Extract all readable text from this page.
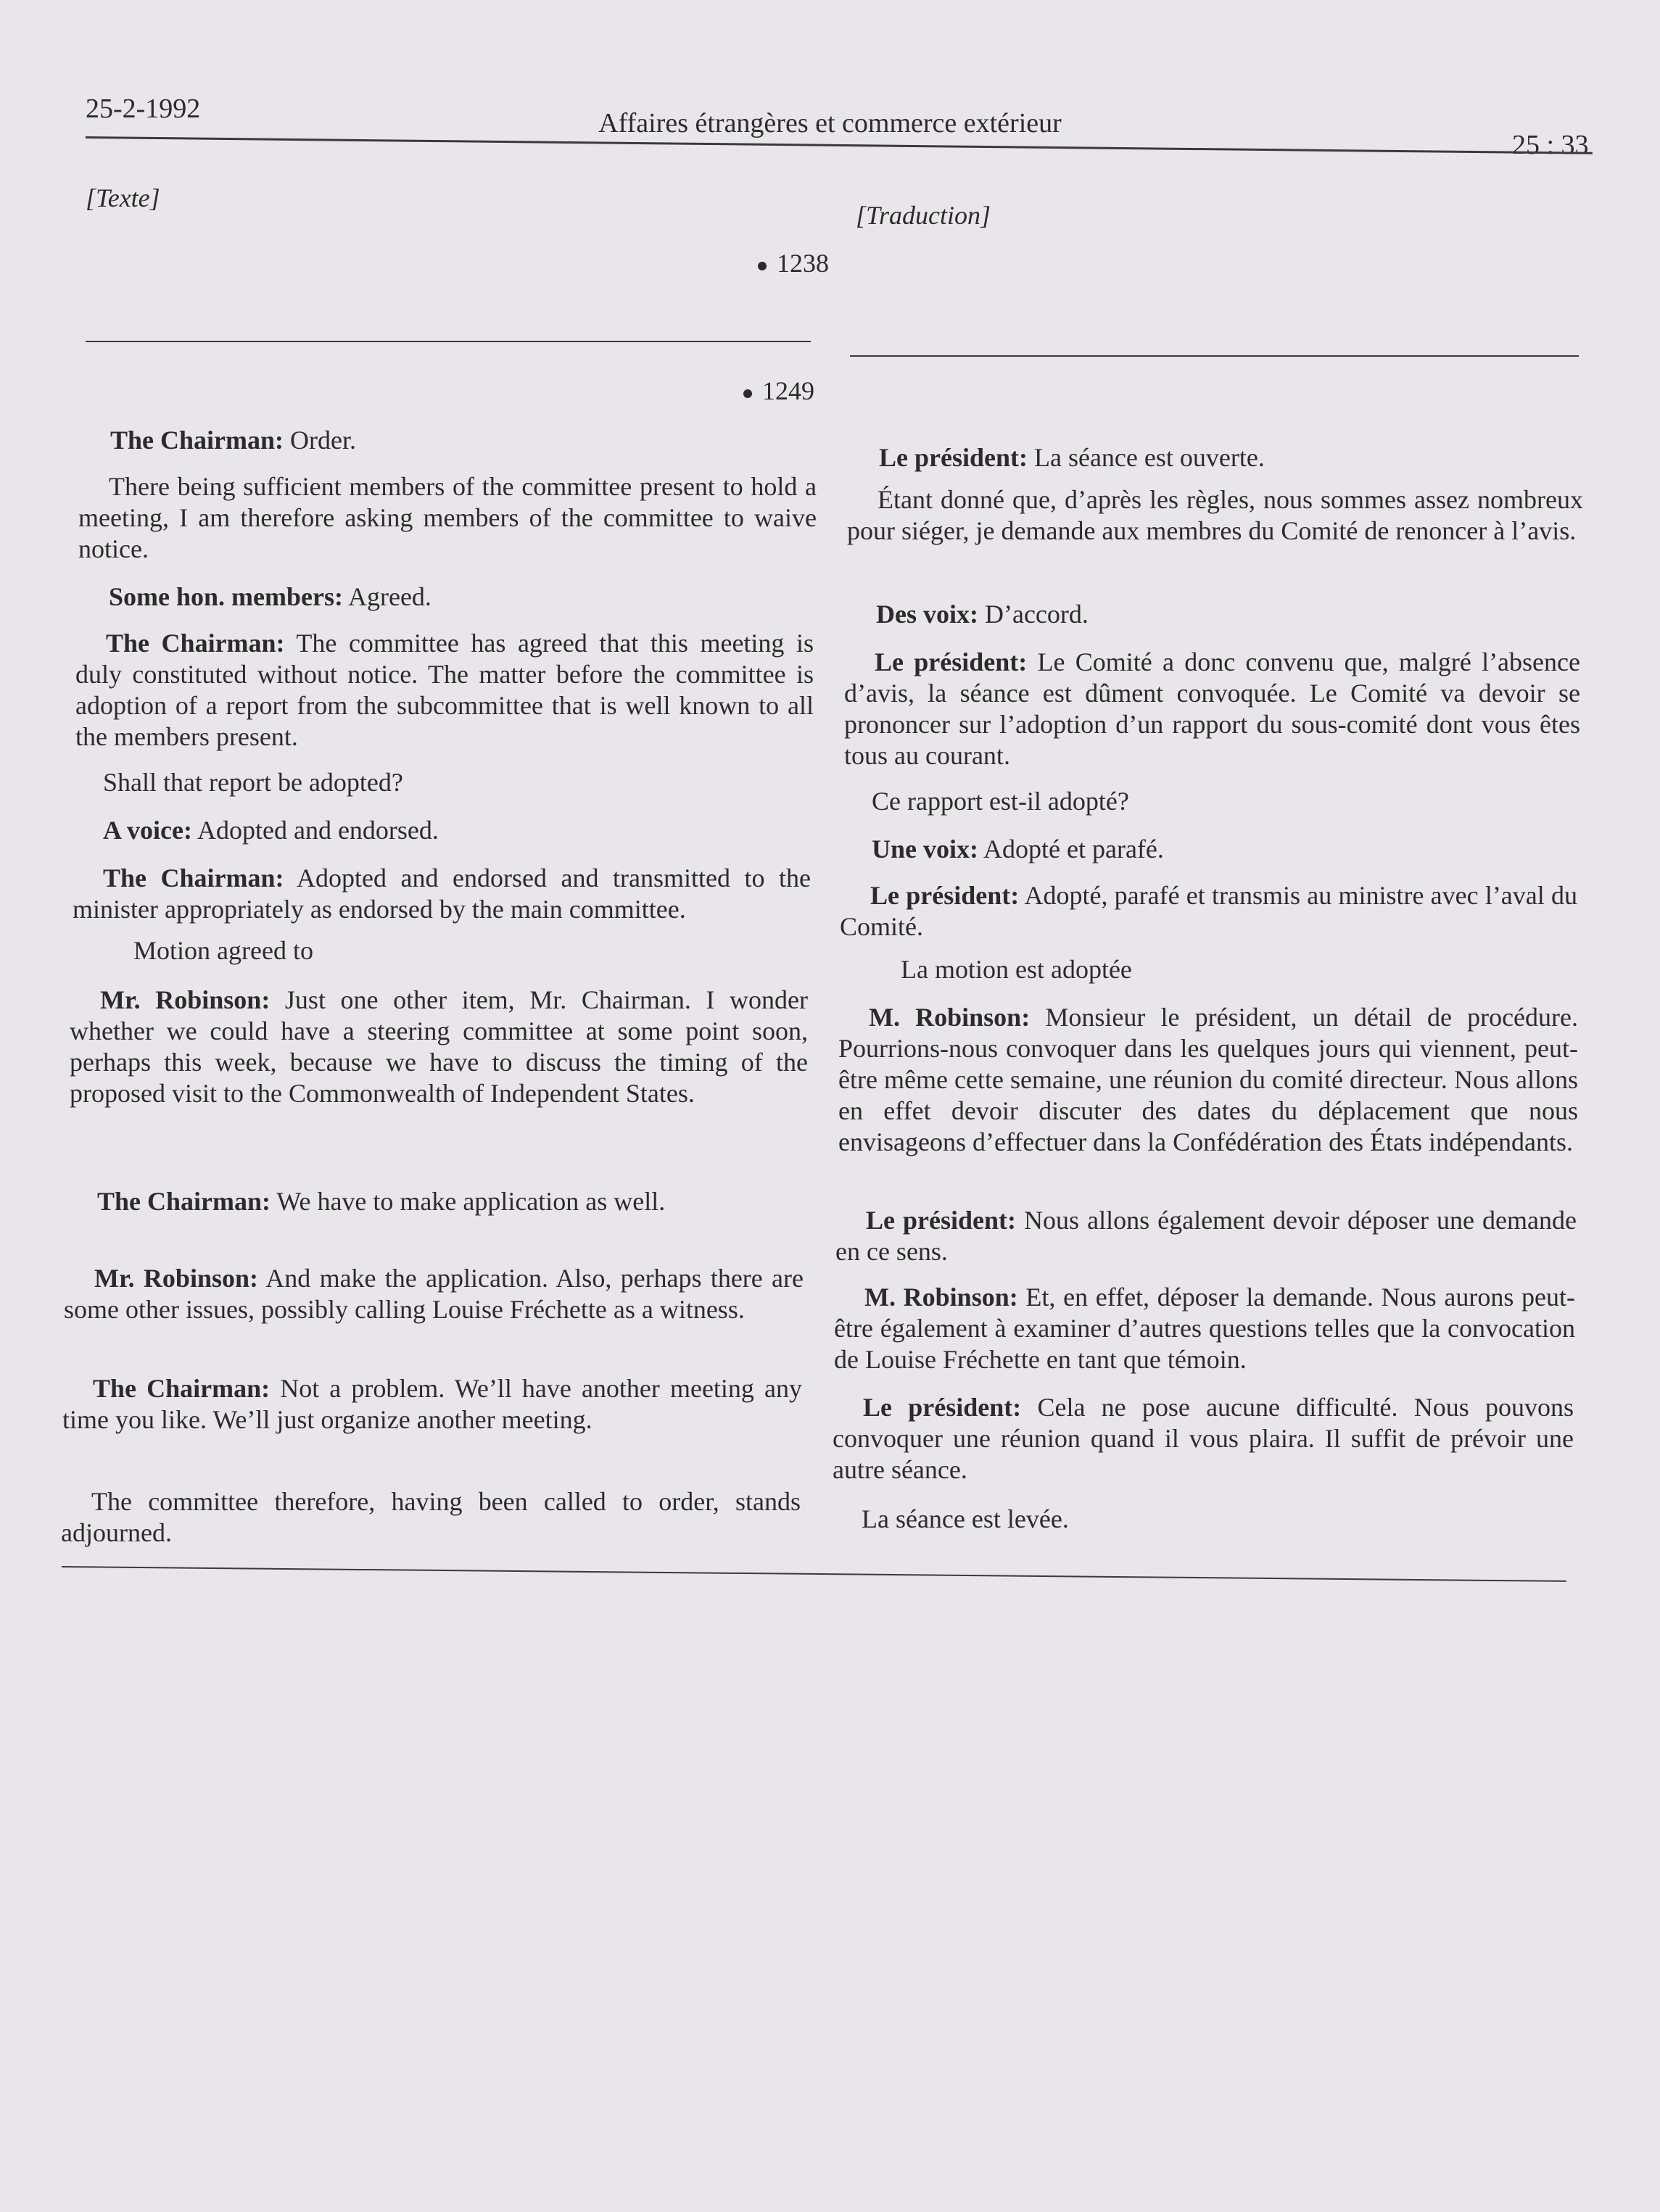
25-2-1992	Affaires étrangères et commerce extérieur
25 : 33
[Texte]
1238
1249
The Chairman: Order.
There being sufficient members of the committee present to hold a meeting, I am therefore asking members of the committee to waive notice.
Some hon. members: Agreed.
The Chairman: The committee has agreed that this meeting is duly constituted without notice. The matter before the committee is adoption of a report from the subcommittee that is well known to all the members present.
Shall that report be adopted?
A voice: Adopted and endorsed.
The Chairman: Adopted and endorsed and transmitted to the minister appropriately as endorsed by the main committee.
Motion agreed to
Mr. Robinson: Just one other item, Mr. Chairman. I wonder whether we could have a steering committee at some point soon, perhaps this week, because we have to discuss the timing of the proposed visit to the Commonwealth of Independent States.
The Chairman: We have to make application as well.
Mr. Robinson: And make the application. Also, perhaps there are some other issues, possibly calling Louise Fréchette as a witness.
The Chairman: Not a problem. We’ll have another meeting any time you like. We’ll just organize another meeting.
The committee therefore, having been called to order, stands adjourned.
[Traduction]
Le président: La séance est ouverte.
Étant donné que, d’après les règles, nous sommes assez nombreux pour siéger, je demande aux membres du Comité de renoncer à l’avis.
Des voix: D’accord.
Le président: Le Comité a donc convenu que, malgré l’absence d’avis, la séance est dûment convoquée. Le Comité va devoir se prononcer sur l’adoption d’un rapport du sous-comité dont vous êtes tous au courant.
Ce rapport est-il adopté?
Une voix: Adopté et parafé.
Le président: Adopté, parafé et transmis au ministre avec l’aval du Comité.
La motion est adoptée
M. Robinson: Monsieur le président, un détail de procédure. Pourrions-nous convoquer dans les quelques jours qui viennent, peut-être même cette semaine, une réunion du comité directeur. Nous allons en effet devoir discuter des dates du déplacement que nous envisageons d’effectuer dans la Confédération des États indépendants.
Le président: Nous allons également devoir déposer une demande en ce sens.
M. Robinson: Et, en effet, déposer la demande. Nous aurons peut-être également à examiner d’autres questions telles que la convocation de Louise Fréchette en tant que témoin.
Le président: Cela ne pose aucune difficulté. Nous pouvons convoquer une réunion quand il vous plaira. Il suffit de prévoir une autre séance.
La séance est levée.
